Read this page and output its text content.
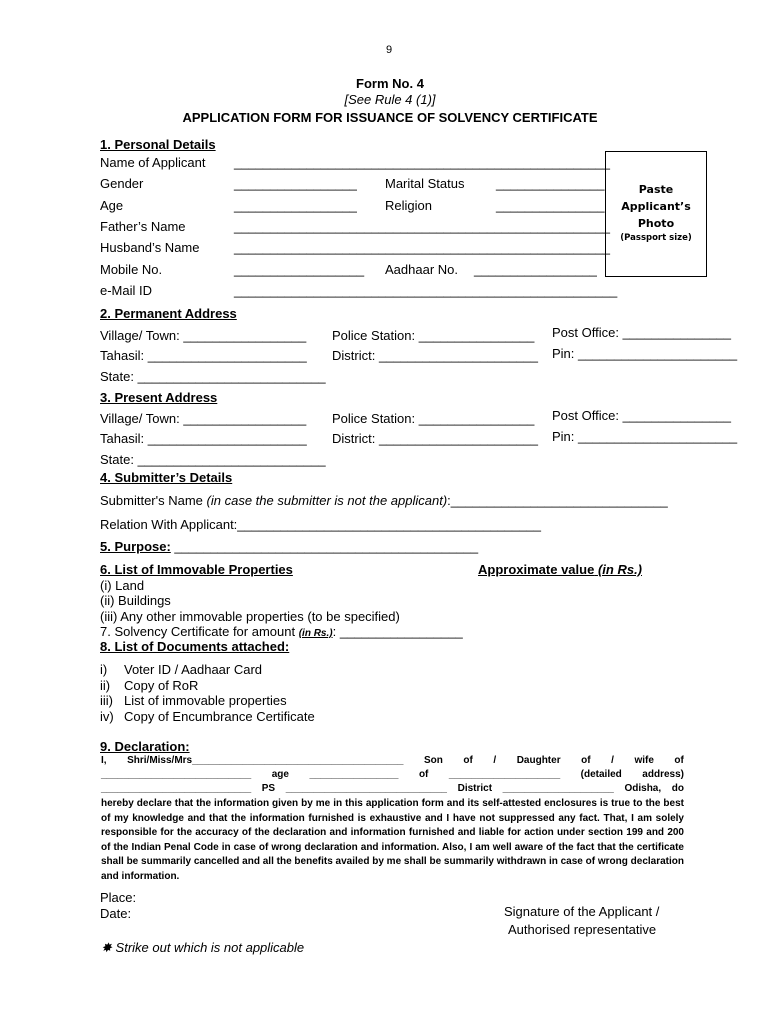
9
Form No. 4
[See Rule 4 (1)]
APPLICATION FORM FOR ISSUANCE OF SOLVENCY CERTIFICATE
Paste
Applicant’s
Photo

(Passport size)
1. Personal Details
Name of Applicant ____________________________________________________
Gender	_________________ Marital Status _______________
Age	_________________ Religion	_______________
Father’s Name	____________________________________________________
Husband’s Name	____________________________________________________
Mobile No.	__________________ Aadhaar No. _________________
e-Mail ID	_____________________________________________________
2. Permanent Address
Village/ Town: _________________ Police Station: ________________ Post Office: _______________
Tahasil: ______________________ District: ______________________ Pin: ______________________
State: __________________________
3. Present Address
Village/ Town: _________________ Police Station: ________________ Post Office: _______________
Tahasil: ______________________ District: ______________________ Pin: ______________________
State: __________________________
4. Submitter’s Details
Submitter's Name (in case the submitter is not the applicant):______________________________
Relation With Applicant:__________________________________________
5. Purpose: __________________________________________
6. List of Immovable Properties	Approximate value (in Rs.)
(i) Land
(ii) Buildings
(iii) Any other immovable properties (to be specified)
7. Solvency Certificate for amount (in Rs.): _________________
8. List of Documents attached:
i) Voter ID / Aadhaar Card
ii) Copy of RoR
iii) List of immovable properties
iv) Copy of Encumbrance Certificate
9. Declaration:
I, Shri/Miss/Mrs______________________________________ Son of / Daughter of / wife of
___________________________ age ________________ of ____________________ (detailed address)
___________________________ PS _____________________________ District ____________________ Odisha, do
hereby declare that the information given by me in this application form and its self-attested enclosures is true to the best of my knowledge and that the information furnished is exhaustive and I have not suppressed any fact. That, I am solely responsible for the accuracy of the declaration and information furnished and liable for action under section 199 and 200 of the Indian Penal Code in case of wrong declaration and information. Also, I am well aware of the fact that the certificate shall be summarily cancelled and all the benefits availed by me shall be summarily withdrawn in case of wrong declaration and information.
Place:
Date:	Signature of the Applicant /
Authorised representative
✸ Strike out which is not applicable
